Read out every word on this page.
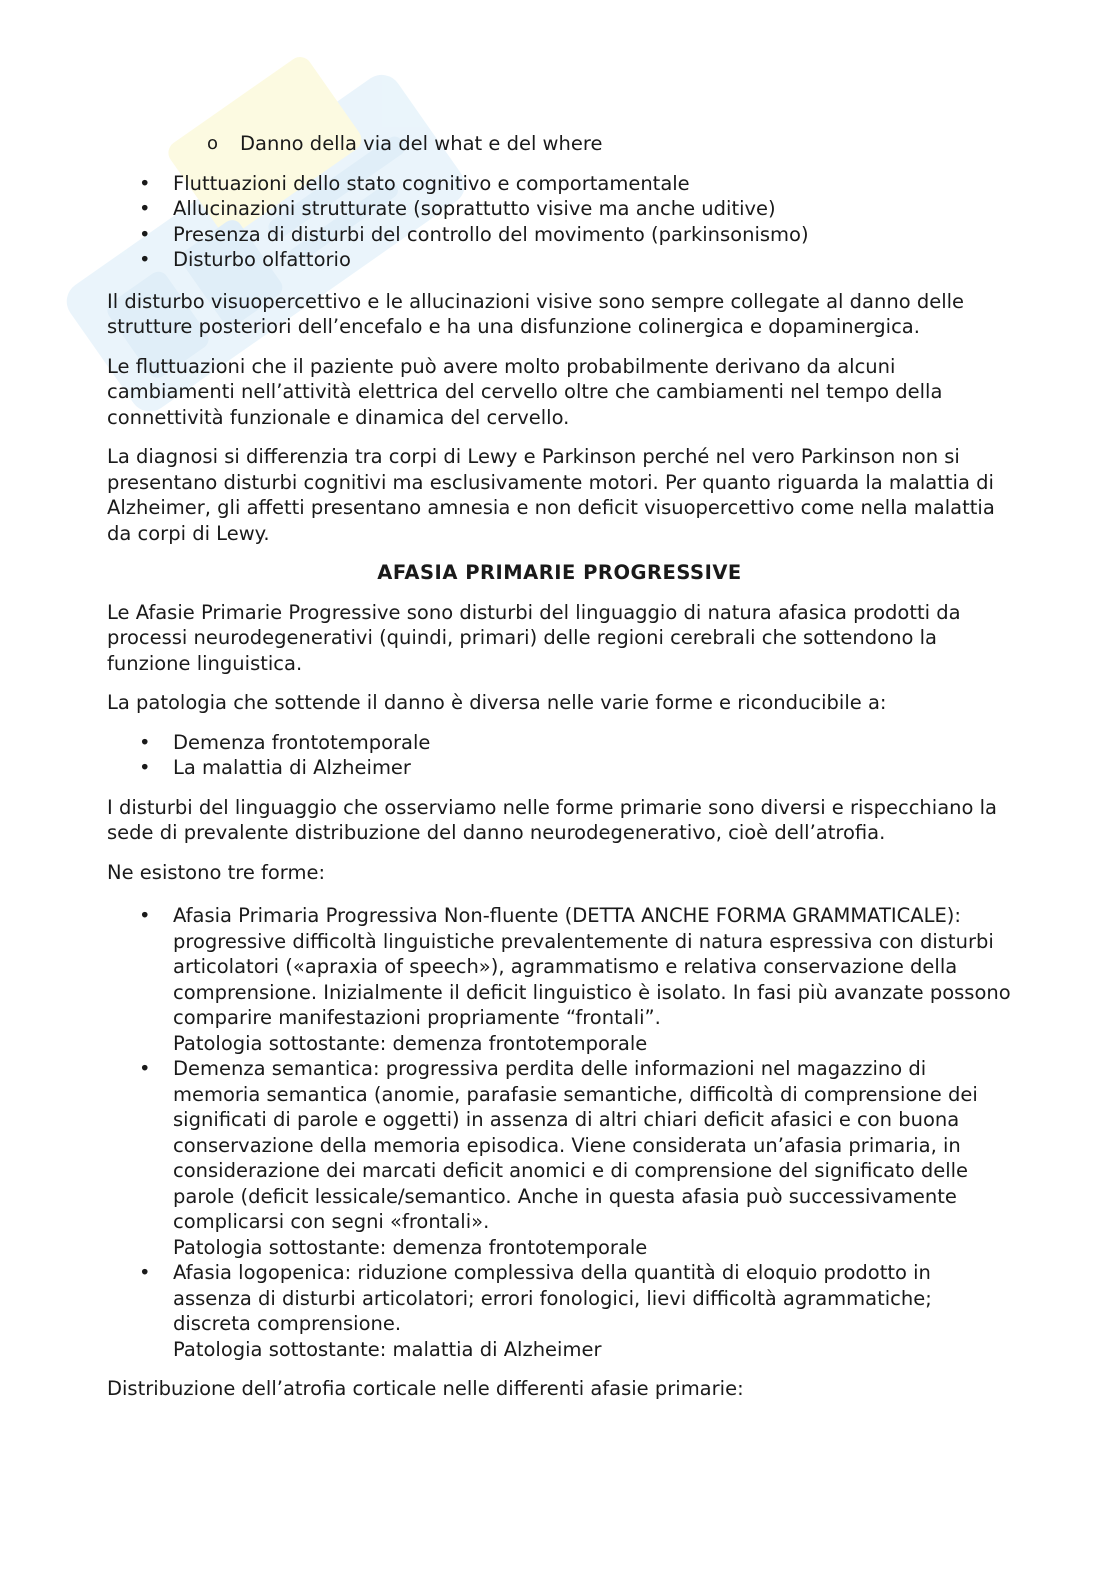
o	Danno della via del what e del where
•	Fluttuazioni dello stato cognitivo e comportamentale
•	Allucinazioni strutturate (soprattutto visive ma anche uditive)
•	Presenza di disturbi del controllo del movimento (parkinsonismo)
•	Disturbo olfattorio

Il disturbo visuopercettivo e le allucinazioni visive sono sempre collegate al danno delle strutture posteriori dell’encefalo e ha una disfunzione colinergica e dopaminergica.

Le fluttuazioni che il paziente può avere molto probabilmente derivano da alcuni cambiamenti nell’attività elettrica del cervello oltre che cambiamenti nel tempo della connettività funzionale e dinamica del cervello.

La diagnosi si differenzia tra corpi di Lewy e Parkinson perché nel vero Parkinson non si presentano disturbi cognitivi ma esclusivamente motori. Per quanto riguarda la malattia di Alzheimer, gli affetti presentano amnesia e non deficit visuopercettivo come nella malattia da corpi di Lewy.

AFASIA PRIMARIE PROGRESSIVE

Le Afasie Primarie Progressive sono disturbi del linguaggio di natura afasica prodotti da processi neurodegenerativi (quindi, primari) delle regioni cerebrali che sottendono la funzione linguistica.

La patologia che sottende il danno è diversa nelle varie forme e riconducibile a:

•	Demenza frontotemporale
•	La malattia di Alzheimer

I disturbi del linguaggio che osserviamo nelle forme primarie sono diversi e rispecchiano la sede di prevalente distribuzione del danno neurodegenerativo, cioè dell’atrofia.

Ne esistono tre forme:

•	Afasia Primaria Progressiva Non-fluente (DETTA ANCHE FORMA GRAMMATICALE): progressive difficoltà linguistiche prevalentemente di natura espressiva con disturbi articolatori («apraxia of speech»), agrammatismo e relativa conservazione della comprensione. Inizialmente il deficit linguistico è isolato. In fasi più avanzate possono comparire manifestazioni propriamente “frontali”.
Patologia sottostante: demenza frontotemporale
•	Demenza semantica: progressiva perdita delle informazioni nel magazzino di memoria semantica (anomie, parafasie semantiche, difficoltà di comprensione dei significati di parole e oggetti) in assenza di altri chiari deficit afasici e con buona conservazione della memoria episodica. Viene considerata un’afasia primaria, in considerazione dei marcati deficit anomici e di comprensione del significato delle parole (deficit lessicale/semantico. Anche in questa afasia può successivamente complicarsi con segni «frontali».
Patologia sottostante: demenza frontotemporale
•	Afasia logopenica: riduzione complessiva della quantità di eloquio prodotto in assenza di disturbi articolatori; errori fonologici, lievi difficoltà agrammatiche; discreta comprensione.
Patologia sottostante: malattia di Alzheimer

Distribuzione dell’atrofia corticale nelle differenti afasie primarie:
